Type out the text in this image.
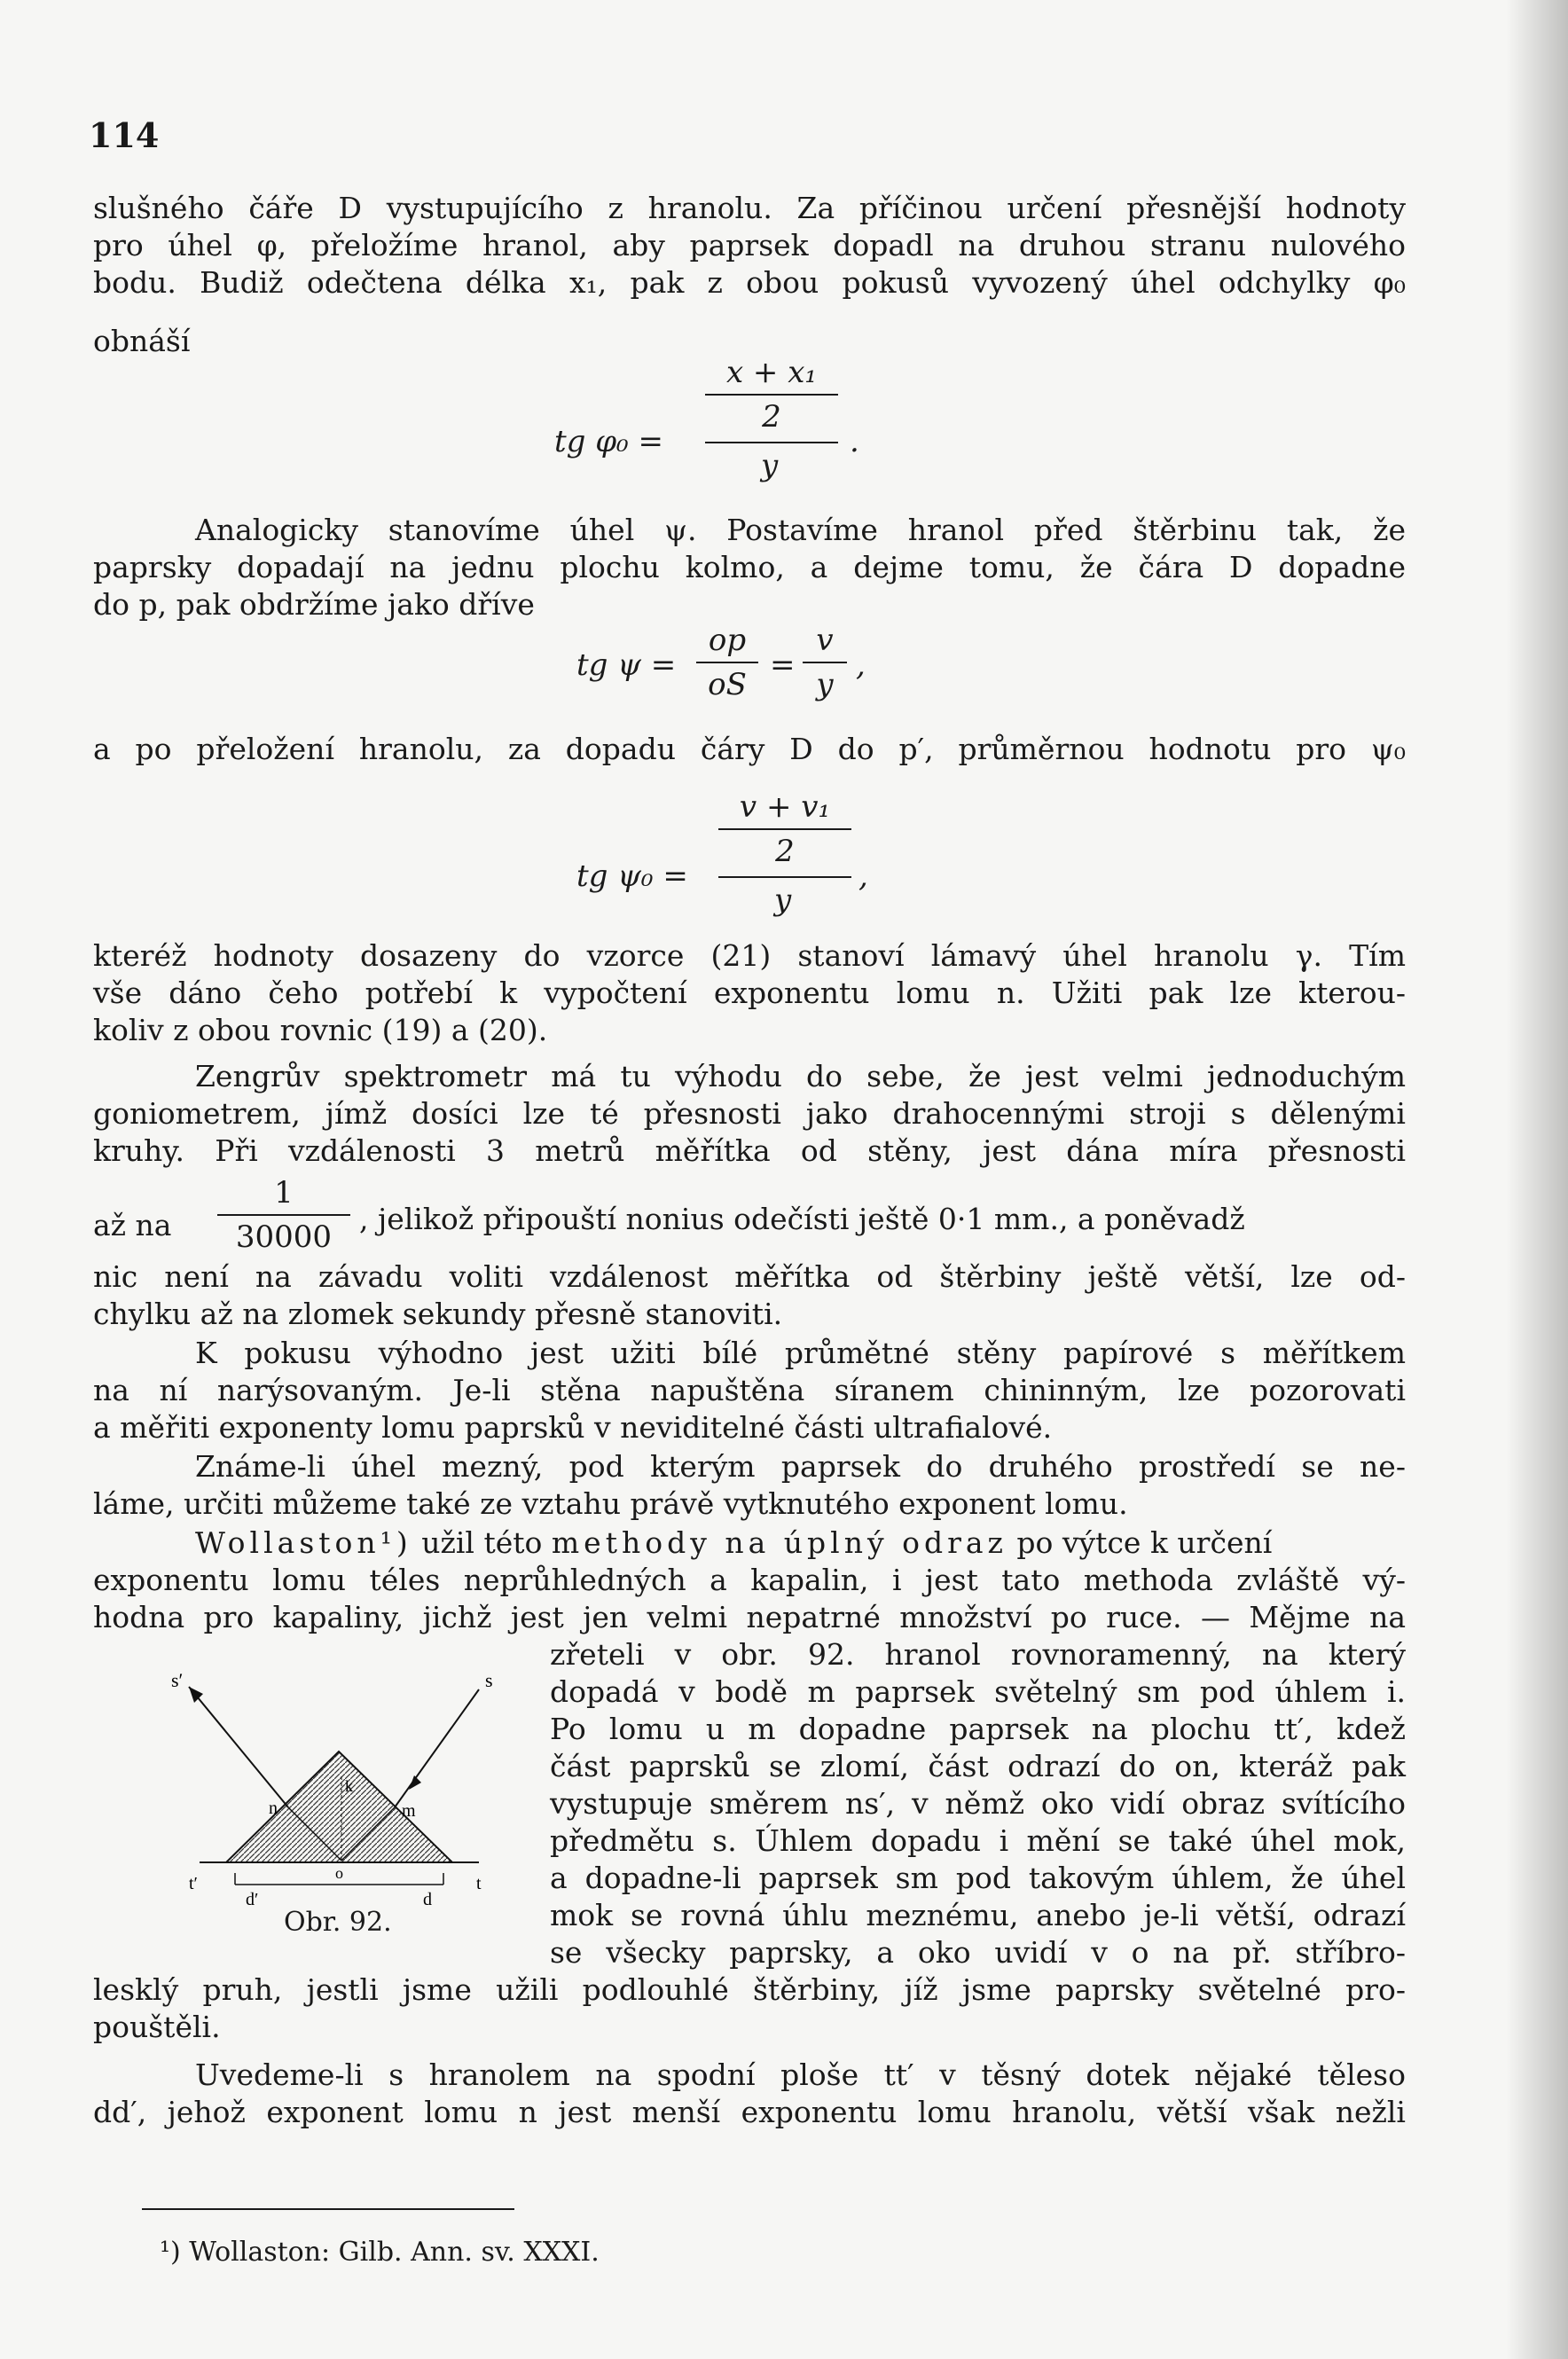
114
slušného čáře D vystupujícího z hranolu. Za příčinou určení přesnější hodnoty
pro úhel φ, přeložíme hranol, aby paprsek dopadl na druhou stranu nulového
bodu. Budiž odečtena délka x₁, pak z obou pokusů vyvozený úhel odchylky φ₀
obnáší
tg φ₀ =
x + x₁
2
y
.
Analogicky stanovíme úhel ψ. Postavíme hranol před štěrbinu tak, že
paprsky dopadají na jednu plochu kolmo, a dejme tomu, že čára D dopadne
do p, pak obdržíme jako dříve
tg ψ =
op
oS
=
v
y
,
a po přeložení hranolu, za dopadu čáry D do p′, průměrnou hodnotu pro ψ₀
tg ψ₀ =
v + v₁
2
y
,
kteréž hodnoty dosazeny do vzorce (21) stanoví lámavý úhel hranolu γ. Tím
vše dáno čeho potřebí k vypočtení exponentu lomu n. Užiti pak lze kterou-
koliv z obou rovnic (19) a (20).
Zengrův spektrometr má tu výhodu do sebe, že jest velmi jednoduchým
goniometrem, jímž dosíci lze té přesnosti jako drahocennými stroji s dělenými
kruhy. Při vzdálenosti 3 metrů měřítka od stěny, jest dána míra přesnosti
až na
1
30000
, jelikož připouští nonius odečísti ještě 0·1 mm., a poněvadž
nic není na závadu voliti vzdálenost měřítka od štěrbiny ještě větší, lze od-
chylku až na zlomek sekundy přesně stanoviti.
K pokusu výhodno jest užiti bílé průmětné stěny papírové s měřítkem
na ní narýsovaným. Je-li stěna napuštěna síranem chininným, lze pozorovati
a měřiti exponenty lomu paprsků v neviditelné části ultrafialové.
Známe-li úhel mezný, pod kterým paprsek do druhého prostředí se ne-
láme, určiti můžeme také ze vztahu právě vytknutého exponent lomu.
Wollaston¹) užil této methody na úplný odraz po výtce k určení
exponentu lomu téles neprůhledných a kapalin, i jest tato methoda zvláště vý-
hodna pro kapaliny, jichž jest jen velmi nepatrné množství po ruce. — Mějme na
zřeteli v obr. 92. hranol rovnoramenný, na který
dopadá v bodě m paprsek světelný sm pod úhlem i.
Po lomu u m dopadne paprsek na plochu tt′, kdež
část paprsků se zlomí, část odrazí do on, kteráž pak
vystupuje směrem ns′, v němž oko vidí obraz svítícího
předmětu s. Úhlem dopadu i mění se také úhel mok,
a dopadne-li paprsek sm pod takovým úhlem, že úhel
mok se rovná úhlu meznému, anebo je-li větší, odrazí
se všecky paprsky, a oko uvidí v o na př. stříbro-
lesklý pruh, jestli jsme užili podlouhlé štěrbiny, jíž jsme paprsky světelné pro-
pouštěli.
Uvedeme-li s hranolem na spodní ploše tt′ v těsný dotek nějaké těleso
dd′, jehož exponent lomu n jest menší exponentu lomu hranolu, větší však nežli
s′	s
n	m
k
o
t′	t
d′	d
Obr. 92.
¹) Wollaston: Gilb. Ann. sv. XXXI.
